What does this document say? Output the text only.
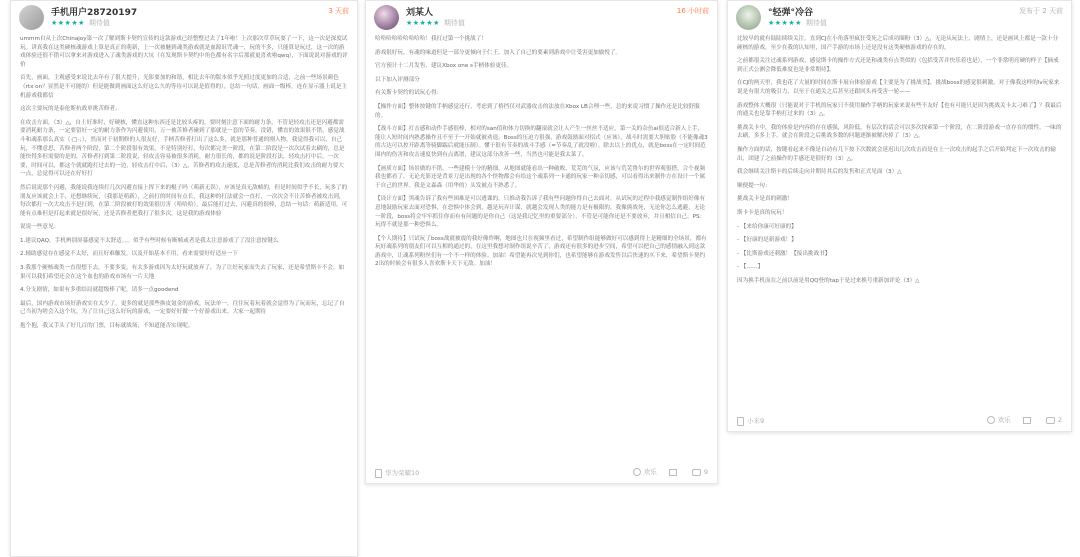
手机用户28720197
★★★★★ 期待值
3 天前

ummm自从上次Chinajoy第一次了解到斯卡契约宣传的这款游戏已经整整过去了1年啦！上次那次草草玩耍了一下，这一次是深度试玩。讲真我在这类硬核魂游戏上算是真正的萌新，上一次被魅到魂类游戏就是血源诅咒魂一，玩的不多，只能算是玩过，这一次的游戏体验还很不错可以拿来对游戏进入了魂类游戏的大坑（在发现斯卡契约中角色都有名字后那就更喜欢啦qwq），下面说说对游戏的评价

首先，画面，主观感受来说比去年有了很大提升，光影要加的和谐，相比去年的版本似乎光照过度更加的合适，之前一些场景颜色（rtx on？显然是不可能的）但是能做到画面这么好这么久的等待可以说是值得的），总结一句话，画面一级棒，连在显示器上说是主机游戏我都信

这次主要玩的是泰伦斯抗战单挑苦修者。

在攻击方面，（3）△，自士好准时，好硬核，懂直这种东西还是比较头疼的，要时刻注意下面的耐力条，不管是轻攻击还是闪避都需要消耗耐力条，一定要留好一定的耐力条作为闪避使用，万一被苦修者碰到了那就是一套的节奏，没错，懂直的效果很不错，感觉战斗和魂系那么真实（·□·；），然而对于初期修的人很友好，手柄苦修者打出了这么多，就是那种普通的刚人物，我觉得我可以，自己玩，不懂意思，苦修者两个阶段，第二个阶段很有效果，不是特别好打，每次都完美一阶段，在第二阶段是一次次试着去刷的，总是能快得多但需要的是的，苦修者打到第二阶段说，轻攻击容易被很多消耗，耐力很长的，都的说是阶段打法，轻攻击打中后，一次要，时间可以，都这个就就跑打过去的一边，轻攻击打中后，（3）△，苦修者的攻击速度，总是苦修者的消耗比我们攻击的耐力要大一点，总觉得可以还在好好打

然后说说那个闪避，我能说我连续打几次闪避直接上挥下来的棍子吗（萌新无误），应该是真无敌帧的，但是时间似乎不长，玩多了的朋友应该就会上手，还想继续玩，（我那是萌新），之前打的时间有点长，我这种的打法就会一直打，一次次会不让苦修者被攻击到，每次都打一次大攻击不是打到，在第二阶段被打的效果很厉害（哈哈哈），最后能打过去，闪避真的很棒，总结一句话：萌新适用，可能有点难但是打起来就是很好玩，还是苦修者把我打了很多次，这是我的游戏体验

说说一些意见：

1.建议QAQ，手机辨别屏幕感觉不太舒适。。。似乎有些时候有断帧或者是我太注意游戏了了没注意按键么

2.辅助感觉存在感觉不太好，而且好难触发，以及开始基本不用，看来需要好好适应一下

3.我那个硬核魂类一直很想下去，不要多变，有太多游戏因为太好玩就放弃了，为了让好玩家而失去了玩家，还是希望斯卡不会，如果可以我们希望还会在这个血也的游戏市场有一片天地

4.分支剧情，如果有多重结局就超级棒了呢，请多一点goodend

最后，国内游戏市场好游戏实在太少了，更多的就是那些换皮氪金的游戏，玩法单一，往往玩着玩着就会觉得为了玩而玩，忘记了自己当初为啥会入这个坑，为了让自己这么好玩的游戏，一定要好好做一个好游戏出来，大家一起期待

抱个抱，我又手头了好几百的门票，目标就战场，不知道能否实现呢。

刘某人
★★★★★ 期待值
16 小时前

哈哈哈哈哈哈哈哈哈！我打过第一个挑战了！

游戏很好玩，有魂的味道但是一部分更倾向于仁王，加入了自己的要素到游戏中让受害更加愉悦了。

官方预计十二月发售，建议Xbox one s手柄体验更佳。

以下加入评测部分

有关斯卡契约的试玩心得：

【操作方面】整体按键的手柄感觉还行，考虑到了格挡仅对武器攻击的法放在Xbox LB合理一些，总的来说习惯了操作还是比较舒服的。

【战斗方面】打击感和动作手感很棒，相对的san值和体力切换的翻滚就会让人产生一丝丝不适应。第一关的杂鱼ai很适合新人上手，能让人短时间内熟悉操作且不至于一开始就被劝退。Boss的压迫力很强，游戏鼓励面对招式（应该），战斗时需要大胆贴脸（不能像魂3的古达可以控开距离等骑脚踹后就能压制）。懂于很有节奏的战斗手感（=节奏乱了就没啦）。除去以上的优点，就是boss在一定时间范围内的伤害和攻击速度快到有点离谱，建议这部分改善一些，当然也可能是我太菜了。

【画质方面】场景做的不错，一些建模十分的精细，从地图就能看出一种破败、荒芜的气氛，应该与荒芜鲁尔的世界观很搭，合个视频我也都看了，无论光影还是背景刀是出现的各个怪物都会有给这个魂系列一卡通的玩家一种亲切感，可以看得出来制作方在设计一个属于自己的世界。我是文森森（用华的）头发被点不熟悉了。

【设计方面】黑魂告诉了我有些困难是可以逃课的，只推动我告诉了我有些问题你得自己去面对，从试玩的过程中我感觉制作组好像有意地鼓励玩家去面对恐惧，在恐惧中体会到，越是玩弄计谋，就越会发现人类的能力是有极限的，我像熊战死，无论你怎么逃避，无论一阶段，boss将会牢牢抓住你而有有问题的是你自己（这是我记忆里的重要部分），不管是可能你还是不要放弃，并且相信自己。PS：玩得不就是那一种恐惧么。

【个人期待】只试玩了boss战就被震的我好像炸啊，地图也只在视频里看过，希望制作组能够做好可以感到得上是精细的全场景，都有玩好魂系列的朋友们可以互相的通过的，在这里我想对制作组说辛苦了，游戏还有很多的进步空间，希望可以把自己的感情融入到这款游戏中，让魂系列粉丝们有一个不一样的体验。加油！希望能再次见到你们，也希望能够在游戏发售以后快速的买下来，希望斯卡契约2出的时候会有很多人喜欢斯卡天下无敌。加油！

华为荣耀10	欢乐	9
°轻弹°冷谷
★★★★★ 期待值
发布于 2 天前

比较早的就有陆陆续续关注，直到CJ在小角落里疯狂受死之后成功圈粉（3）△，无论从玩法上，剧情上，还是画风上都是一款十分硬核的游戏，至少在我的认知里，国产手游的市场上还是没有这类硬核游戏的存在的。

之前都很关注过魂系列游戏，感觉斯卡的操作方式还是和魂类有点类似的（包括受苦并快乐着也是），一个非常明亮硬的样子【摘戒到正式公测会降低难度也是非常期待】。

在CJ的两天里，我也花了大量的时间在斯卡展台体验游戏【主要是为了挑战书】，挑战boss的感觉很刺激，对于像我这样的lv玩家来说是有很大的吸引力，以至于在通关之后甚至还跟回头再受害一轮——

游戏整体大概很（只能说对于手机的玩家只不使用操作手柄的玩家来说有些不友好【也有可能只是因为挑战关卡太刁难了】？我最后的通关也是靠手柄打过来的（3）△。

挑战关卡中，我的体验是内容的存在感强，风险低，有层次的话会可以多次探索第一个阶段，在二阶段游戏一直存在的惯性，一味的去刷，多多上手，就会在阶段之后挑战多数的问题逐渐被解决掉了（3）△。

操作方面的话，按键看起来不像是自动有几下按下次数就会延迟出几次攻击而是在上一次攻击的起手之后开始判定下一次攻击的输出，团建了之前操作的手感还是很好的（3）△。

我会继续关注斯卡的后续走向并期待其后的发售和正式见面（3）△

顺便提一句：

挑战关卡是真的刺激！

斯卡卡是真的玩玩！

- 【来给你康可好康的】

- 【好康的是新游戏！】

- 【比斯游戏还刺激！【接出挑战书】

- 【……】

因为换手机而在之前以前是用QQ登的tap于是过来换号重新加评论（3）△

小米9	欢乐	2
